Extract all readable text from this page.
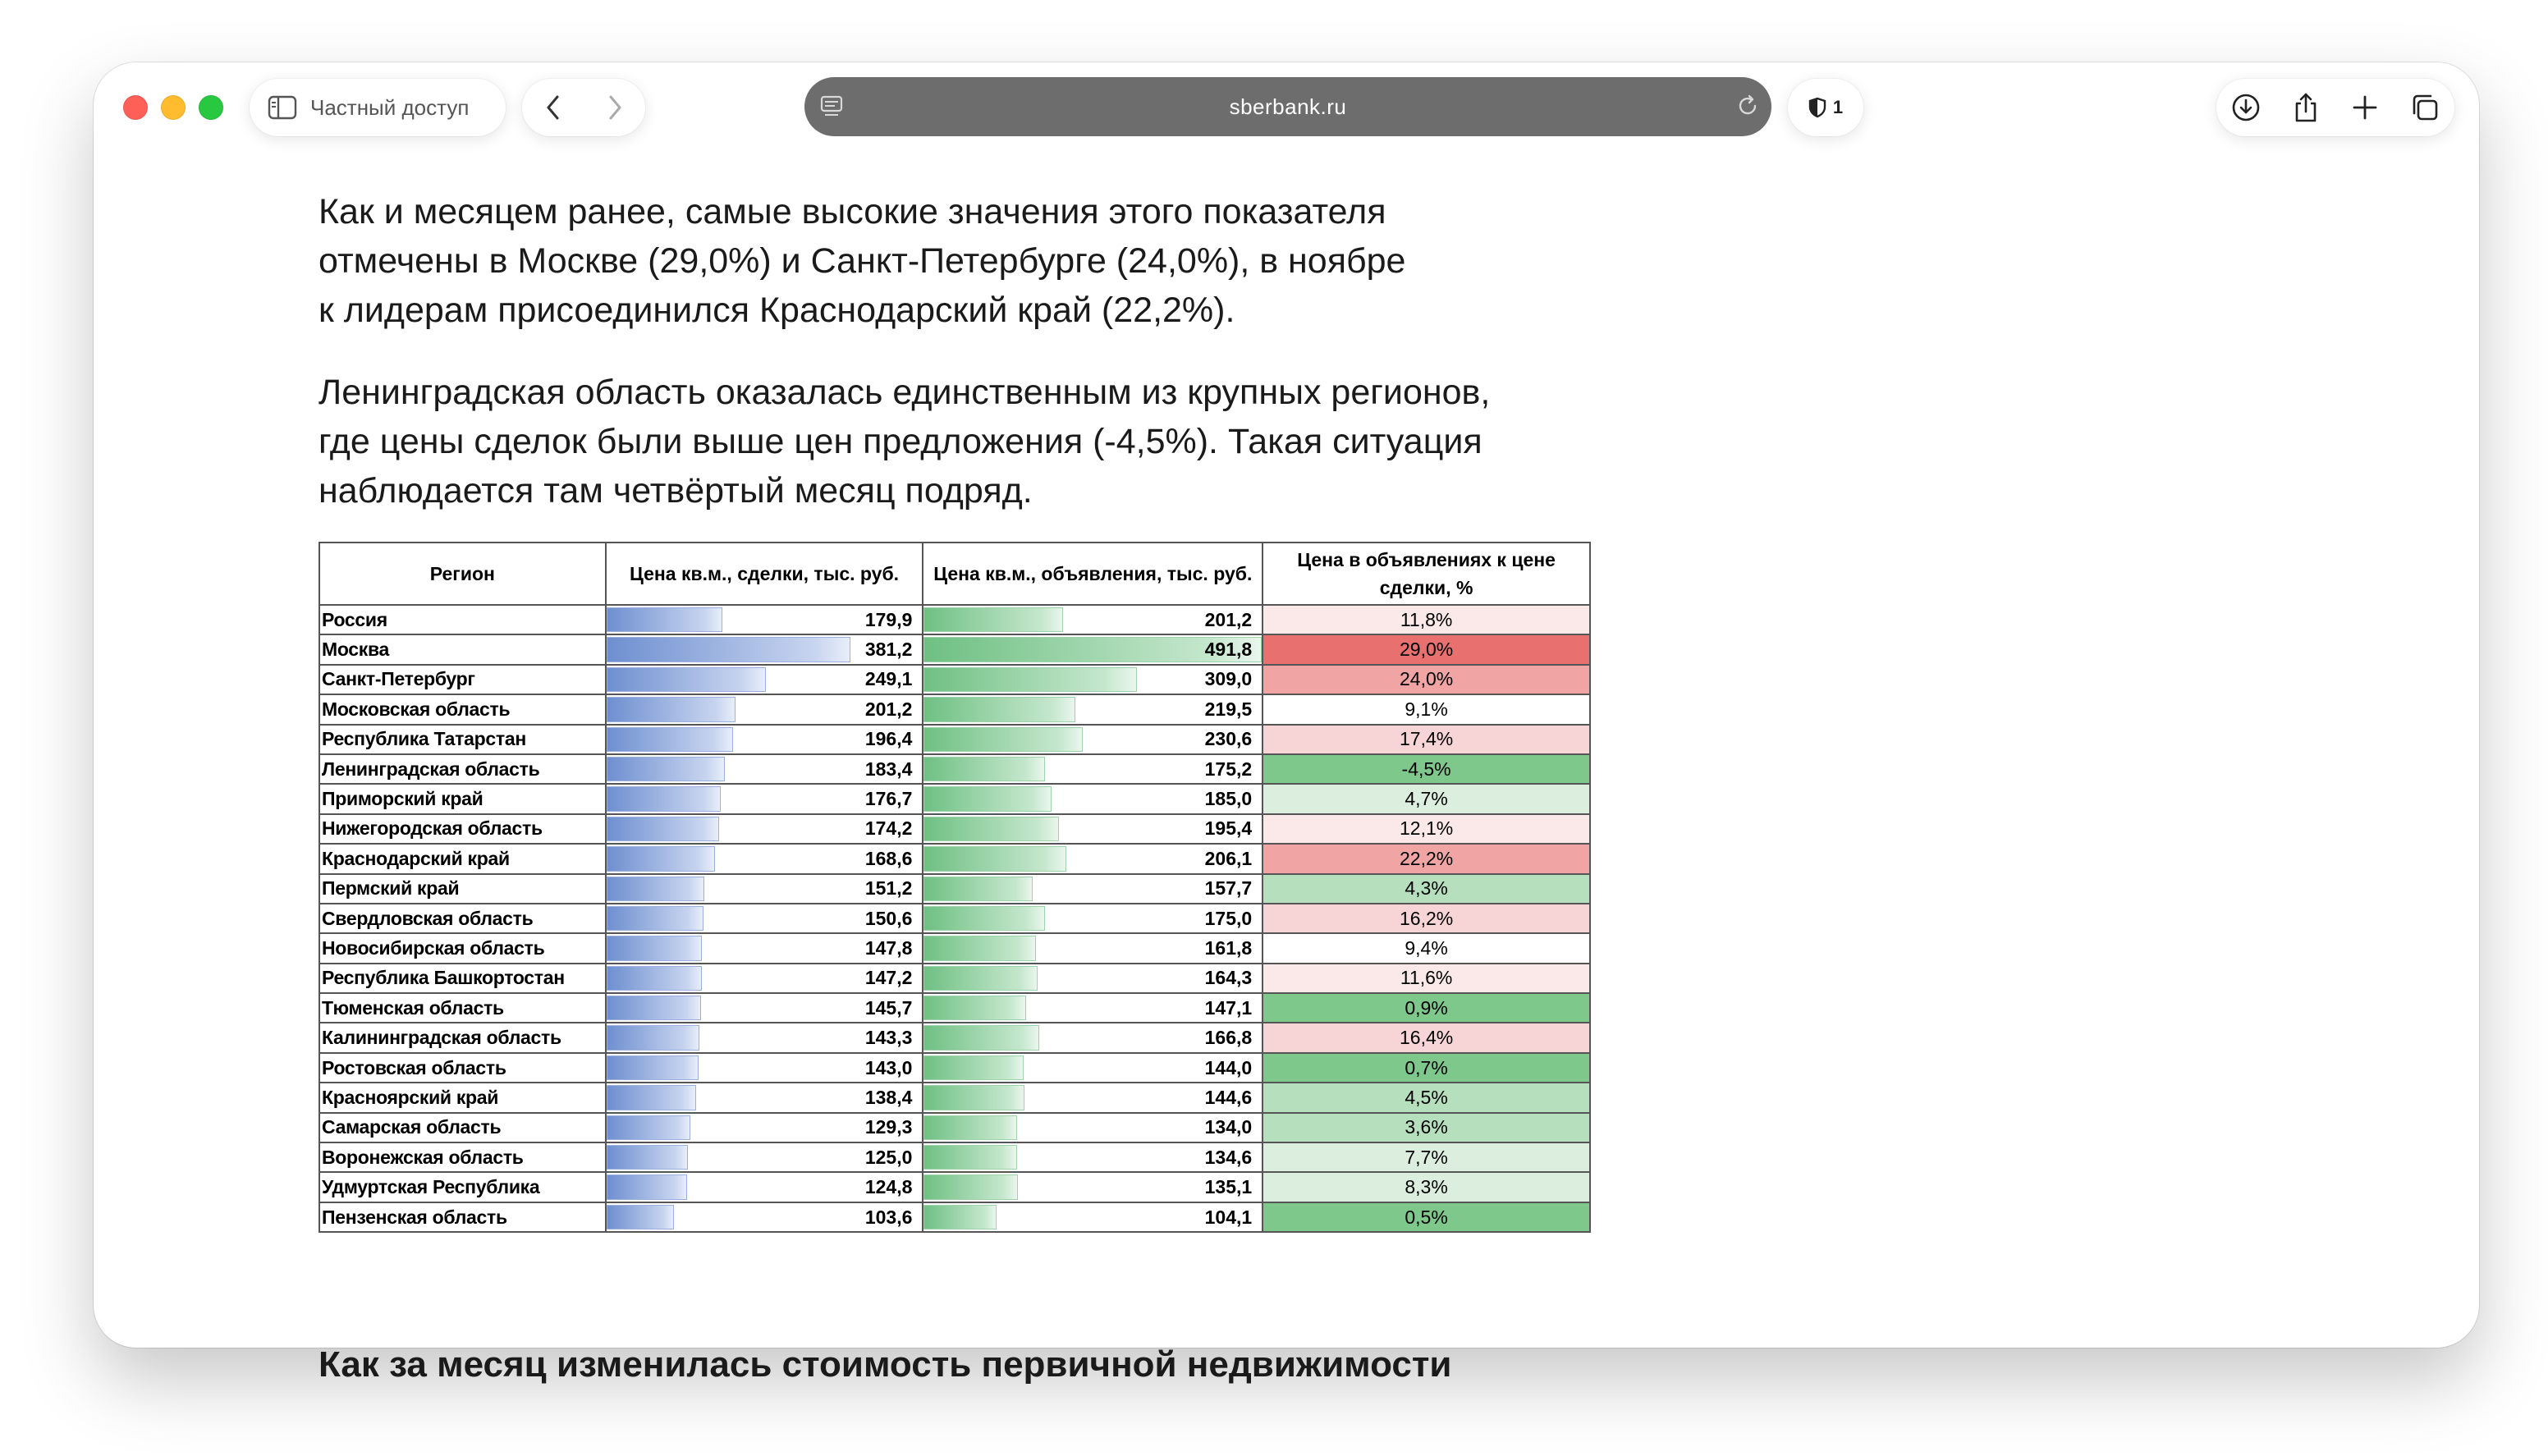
Частный доступ	sberbank.ru	1

Как и месяцем ранее, самые высокие значения этого показателя
отмечены в Москве (29,0%) и Санкт-Петербурге (24,0%), в ноябре
к лидерам присоединился Краснодарский край (22,2%).

Ленинградская область оказалась единственным из крупных регионов,
где цены сделок были выше цен предложения (-4,5%). Такая ситуация
наблюдается там четвёртый месяц подряд.

Регион	Цена кв.м., сделки, тыс. руб.	Цена кв.м., объявления, тыс. руб.	Цена в объявлениях к цене сделки, %
Россия	179,9	201,2	11,8%
Москва	381,2	491,8	29,0%
Санкт-Петербург	249,1	309,0	24,0%
Московская область	201,2	219,5	9,1%
Республика Татарстан	196,4	230,6	17,4%
Ленинградская область	183,4	175,2	-4,5%
Приморский край	176,7	185,0	4,7%
Нижегородская область	174,2	195,4	12,1%
Краснодарский край	168,6	206,1	22,2%
Пермский край	151,2	157,7	4,3%
Свердловская область	150,6	175,0	16,2%
Новосибирская область	147,8	161,8	9,4%
Республика Башкортостан	147,2	164,3	11,6%
Тюменская область	145,7	147,1	0,9%
Калининградская область	143,3	166,8	16,4%
Ростовская область	143,0	144,0	0,7%
Красноярский край	138,4	144,6	4,5%
Самарская область	129,3	134,0	3,6%
Воронежская область	125,0	134,6	7,7%
Удмуртская Республика	124,8	135,1	8,3%
Пензенская область	103,6	104,1	0,5%
Как за месяц изменилась стоимость первичной недвижимости
